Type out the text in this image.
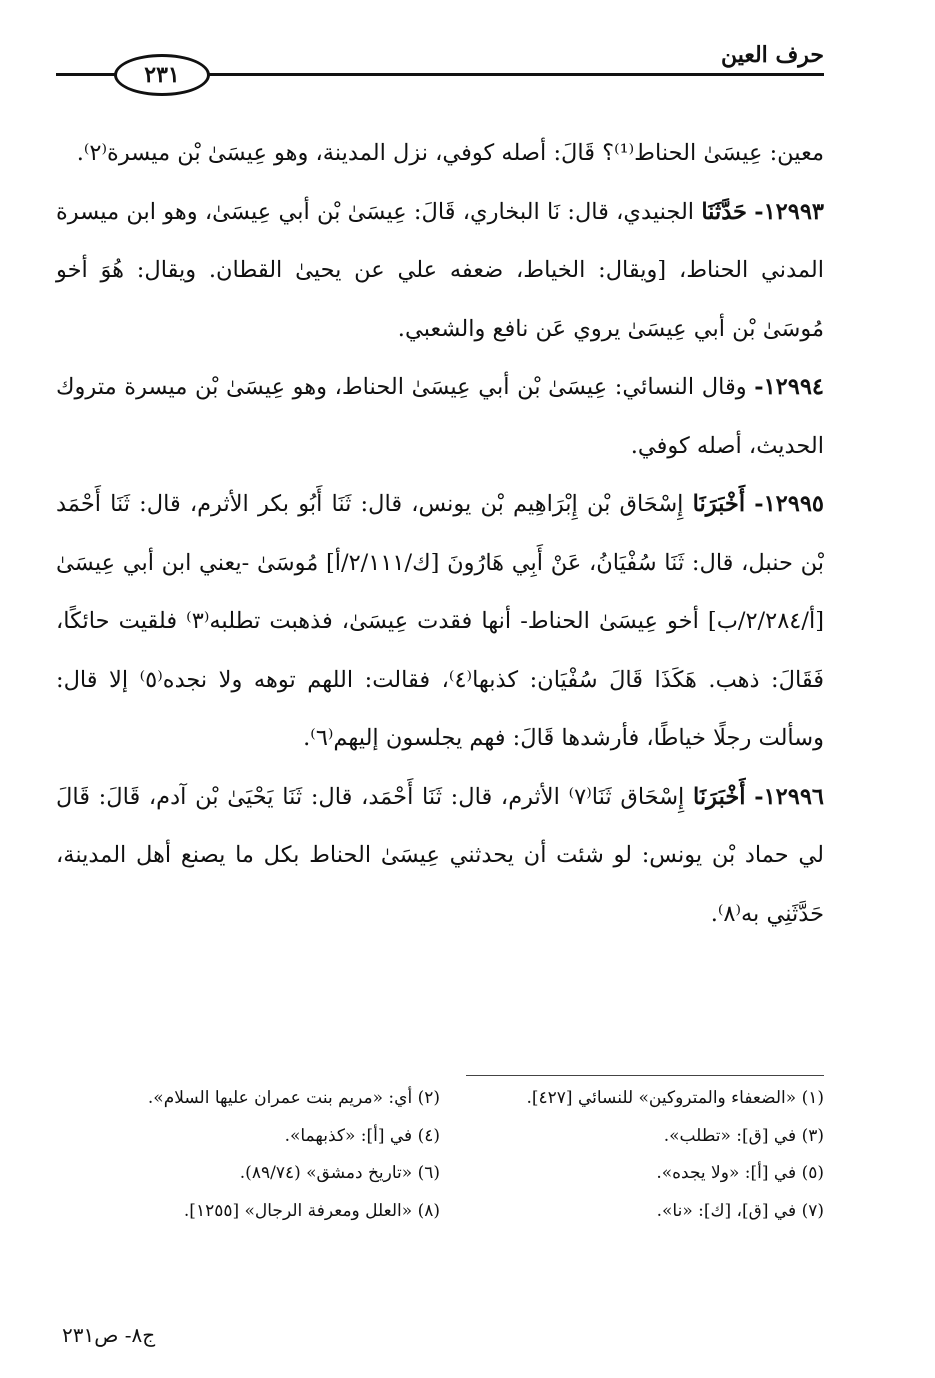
حرف العين
٢٣١

معين: عِيسَىٰ الحناط⁽¹⁾؟ قَالَ: أصله كوفي، نزل المدينة، وهو عِيسَىٰ بْن ميسرة⁽٢⁾.

١٢٩٩٣- حَدَّثَنَا الجنيدي، قال: نَا البخاري، قَالَ: عِيسَىٰ بْن أبي عِيسَىٰ، وهو ابن ميسرة المدني الحناط، [ويقال: الخياط، ضعفه علي عن يحيىٰ القطان. ويقال: هُوَ أخو مُوسَىٰ بْن أبي عِيسَىٰ يروي عَن نافع والشعبي.

١٢٩٩٤- وقال النسائي: عِيسَىٰ بْن أبي عِيسَىٰ الحناط، وهو عِيسَىٰ بْن ميسرة متروك الحديث، أصله كوفي.

١٢٩٩٥- أَخْبَرَنَا إِسْحَاق بْن إِبْرَاهِيم بْن يونس، قال: ثَنَا أَبُو بكر الأثرم، قال: ثَنَا أَحْمَد بْن حنبل، قال: ثَنَا سُفْيَانُ، عَنْ أَبِي هَارُونَ [ك/٢/١١١/أ] مُوسَىٰ -يعني ابن أبي عِيسَىٰ [أ/٢/٢٨٤/ب] أخو عِيسَىٰ الحناط- أنها فقدت عِيسَىٰ، فذهبت تطلبه⁽٣⁾ فلقيت حائكًا، فَقَالَ: ذهب. هَكَذَا قَالَ سُفْيَان: كذبها⁽٤⁾، فقالت: اللهم توهه ولا نجده⁽٥⁾ إلا قال: وسألت رجلًا خياطًا، فأرشدها قَالَ: فهم يجلسون إليهم⁽٦⁾.

١٢٩٩٦- أَخْبَرَنَا إِسْحَاق ثَنَا⁽٧⁾ الأثرم، قال: ثَنَا أَحْمَد، قال: ثَنَا يَحْيَىٰ بْن آدم، قَالَ: قَالَ لي حماد بْن يونس: لو شئت أن يحدثني عِيسَىٰ الحناط بكل ما يصنع أهل المدينة، حَدَّثَنِي به⁽٨⁾.

(١) «الضعفاء والمتروكين» للنسائي [٤٢٧].
(٢) أي: «مريم بنت عمران عليها السلام».
(٣) في [ق]: «تطلب».
(٤) في [أ]: «كذبهما».
(٥) في [أ]: «ولا يجده».
(٦) «تاريخ دمشق» (٨٩/٧٤).
(٧) في [ق]، [ك]: «نا».
(٨) «العلل ومعرفة الرجال» [١٢٥٥].
ج٨- ص٢٣١
